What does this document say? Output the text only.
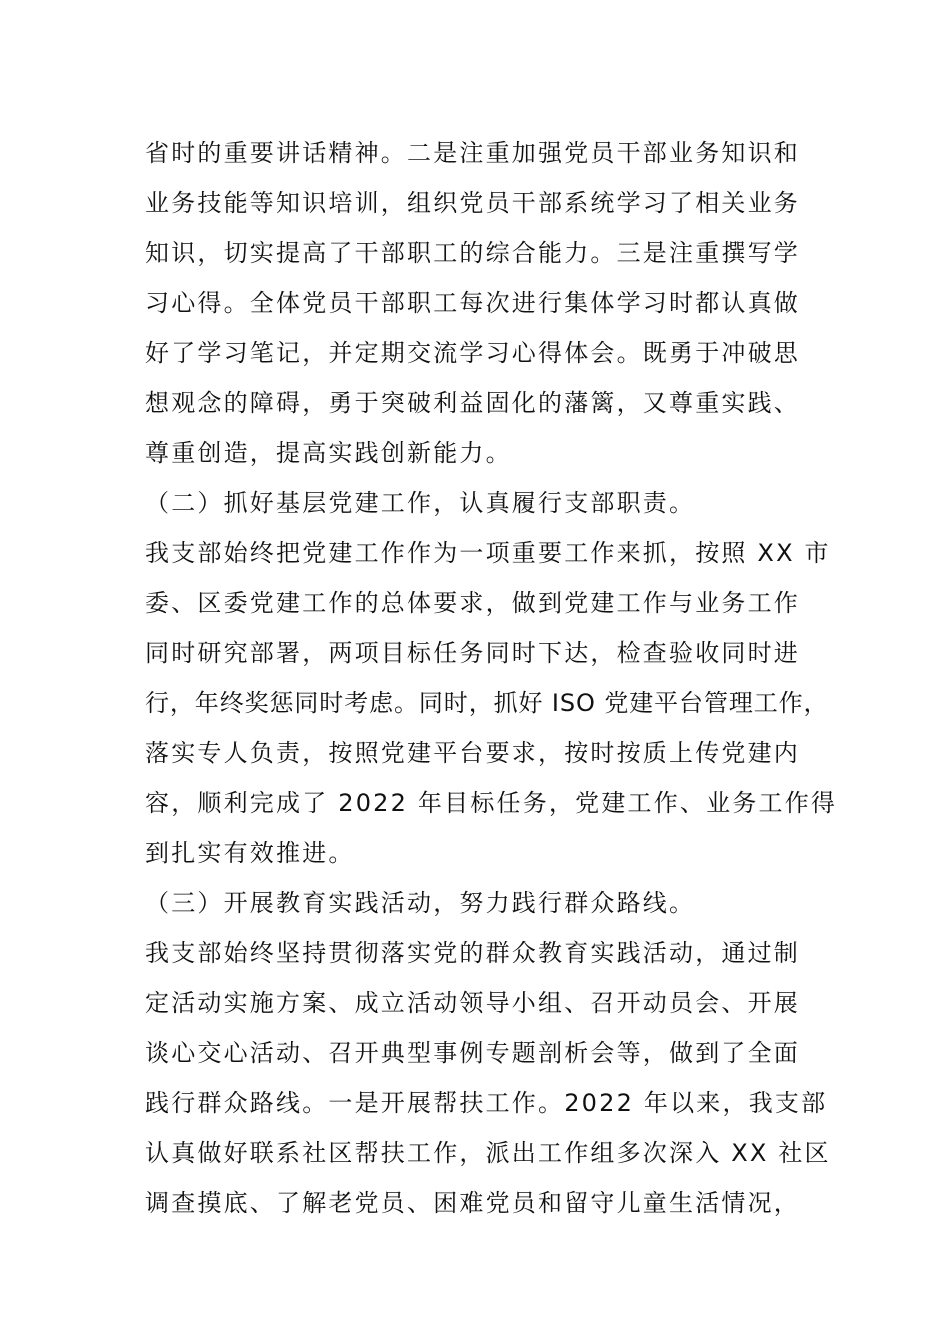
省时的重要讲话精神。二是注重加强党员干部业务知识和
业务技能等知识培训，组织党员干部系统学习了相关业务
知识，切实提高了干部职工的综合能力。三是注重撰写学
习心得。全体党员干部职工每次进行集体学习时都认真做
好了学习笔记，并定期交流学习心得体会。既勇于冲破思
想观念的障碍，勇于突破利益固化的藩篱，又尊重实践、
尊重创造，提高实践创新能力。
（二）抓好基层党建工作，认真履行支部职责。
我支部始终把党建工作作为一项重要工作来抓，按照 XX 市
委、区委党建工作的总体要求，做到党建工作与业务工作
同时研究部署，两项目标任务同时下达，检查验收同时进
行，年终奖惩同时考虑。同时，抓好 ISO 党建平台管理工作，
落实专人负责，按照党建平台要求，按时按质上传党建内
容，顺利完成了 2022 年目标任务，党建工作、业务工作得
到扎实有效推进。
（三）开展教育实践活动，努力践行群众路线。
我支部始终坚持贯彻落实党的群众教育实践活动，通过制
定活动实施方案、成立活动领导小组、召开动员会、开展
谈心交心活动、召开典型事例专题剖析会等，做到了全面
践行群众路线。一是开展帮扶工作。2022 年以来，我支部
认真做好联系社区帮扶工作，派出工作组多次深入 XX 社区
调查摸底、了解老党员、困难党员和留守儿童生活情况，
